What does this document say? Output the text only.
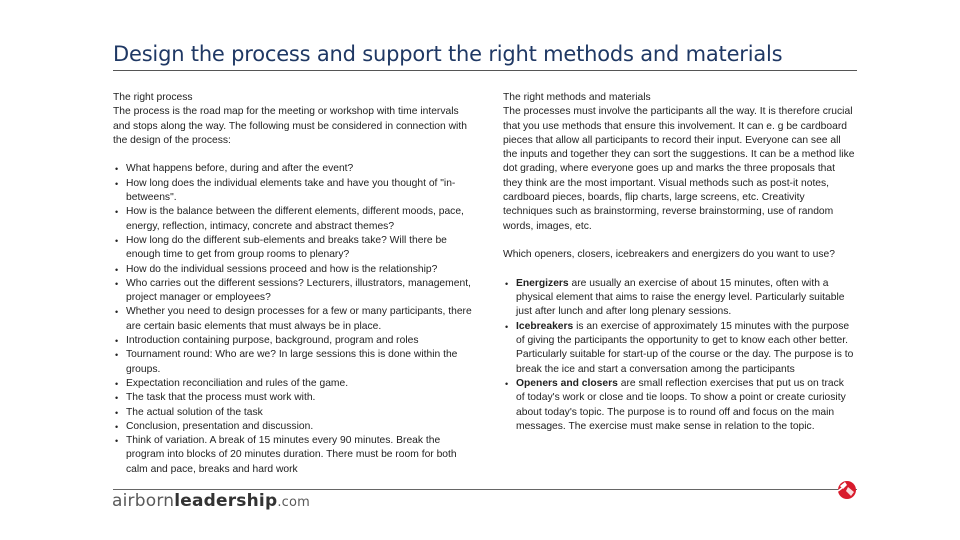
Design the process and support the right methods and materials

The right process

The process is the road map for the meeting or workshop with time intervals and stops along the way. The following must be considered in connection with the design of the process:

• What happens before, during and after the event?
• How long does the individual elements take and have you thought of "in-betweens".
• How is the balance between the different elements, different moods, pace, energy, reflection, intimacy, concrete and abstract themes?
• How long do the different sub-elements and breaks take? Will there be enough time to get from group rooms to plenary?
• How do the individual sessions proceed and how is the relationship?
• Who carries out the different sessions? Lecturers, illustrators, management, project manager or employees?
• Whether you need to design processes for a few or many participants, there are certain basic elements that must always be in place.
• Introduction containing purpose, background, program and roles
• Tournament round: Who are we? In large sessions this is done within the groups.
• Expectation reconciliation and rules of the game.
• The task that the process must work with.
• The actual solution of the task
• Conclusion, presentation and discussion.
• Think of variation. A break of 15 minutes every 90 minutes. Break the program into blocks of 20 minutes duration. There must be room for both calm and pace, breaks and hard work

The right methods and materials

The processes must involve the participants all the way. It is therefore crucial that you use methods that ensure this involvement. It can e. g be cardboard pieces that allow all participants to record their input. Everyone can see all the inputs and together they can sort the suggestions. It can be a method like dot grading, where everyone goes up and marks the three proposals that they think are the most important. Visual methods such as post-it notes, cardboard pieces, boards, flip charts, large screens, etc. Creativity techniques such as brainstorming, reverse brainstorming, use of random words, images, etc.

Which openers, closers, icebreakers and energizers do you want to use?

• Energizers are usually an exercise of about 15 minutes, often with a physical element that aims to raise the energy level. Particularly suitable just after lunch and after long plenary sessions.
• Icebreakers is an exercise of approximately 15 minutes with the purpose of giving the participants the opportunity to get to know each other better. Particularly suitable for start-up of the course or the day. The purpose is to break the ice and start a conversation among the participants
• Openers and closers are small reflection exercises that put us on track of today's work or close and tie loops. To show a point or create curiosity about today's topic. The purpose is to round off and focus on the main messages. The exercise must make sense in relation to the topic.
airbornleadership.com
